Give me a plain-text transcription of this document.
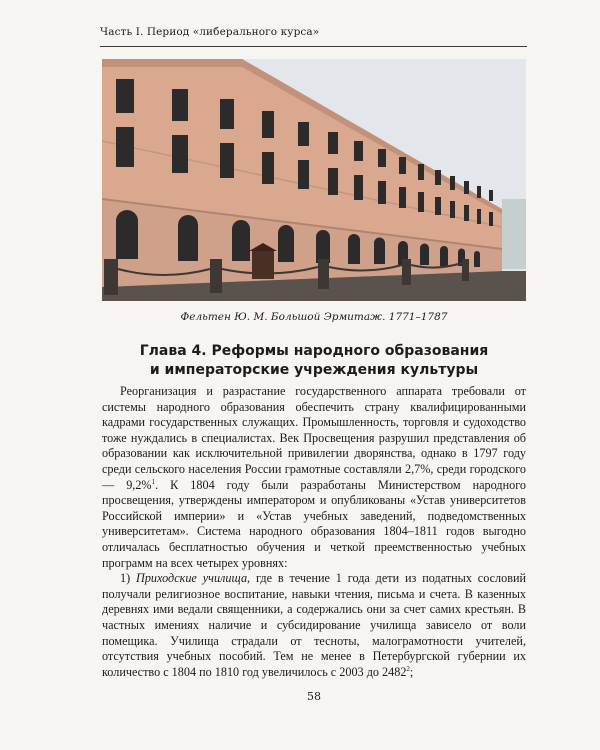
Часть I. Период «либерального курса»
Фельтен Ю. М. Большой Эрмитаж. 1771–1787
Глава 4. Реформы народного образования
и императорские учреждения культуры

Реорганизация и разрастание государственного аппарата требовали от системы народного образования обеспечить страну квалифицированными кадрами государственных служащих. Промышленность, торговля и судоходство тоже нуждались в специалистах. Век Просвещения разрушил представления об образовании как исключительной привилегии дворянства, однако в 1797 году среди сельского населения России грамотные составляли 2,7%, среди городского — 9,2%$^1$. К 1804 году были разработаны Министерством народного просвещения, утверждены императором и опубликованы «Устав университетов Российской империи» и «Устав учебных заведений, подведомственных университетам». Система народного образования 1804–1811 годов выгодно отличалась бесплатностью обучения и четкой преемственностью учебных программ на всех четырех уровнях:

1) Приходские училища, где в течение 1 года дети из податных сословий получали религиозное воспитание, навыки чтения, письма и счета. В казенных деревнях ими ведали священники, а содержались они за счет самих крестьян. В частных имениях наличие и субсидирование училища зависело от воли помещика. Училища страдали от тесноты, малограмотности учителей, отсутствия учебных пособий. Тем не менее в Петербургской губернии их количество с 1804 по 1810 год увеличилось с 2003 до 2482$^2$;

58
